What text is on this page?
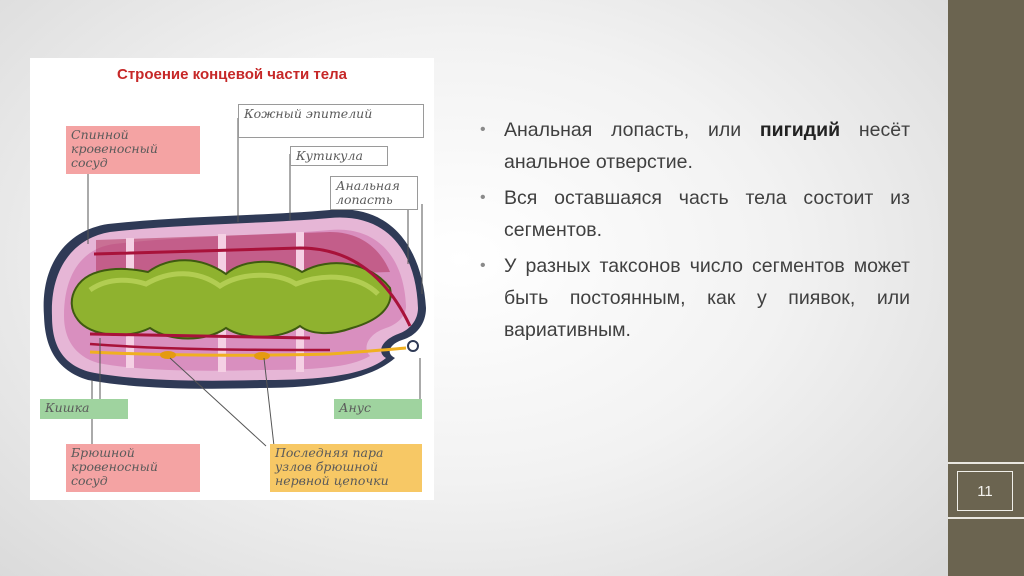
Строение концевой части тела
Спинной кровеносный сосуд
Кожный эпителий
Кутикула
Анальная лопасть
Кишка	Анус
Брюшной кровеносный сосуд
Последняя пара узлов брюшной нервной цепочки
• Анальная лопасть, или пигидий несёт анальное отверстие.
• Вся оставшаяся часть тела состоит из сегментов.
• У разных таксонов число сегментов может быть постоянным, как у пиявок, или вариативным.
11
